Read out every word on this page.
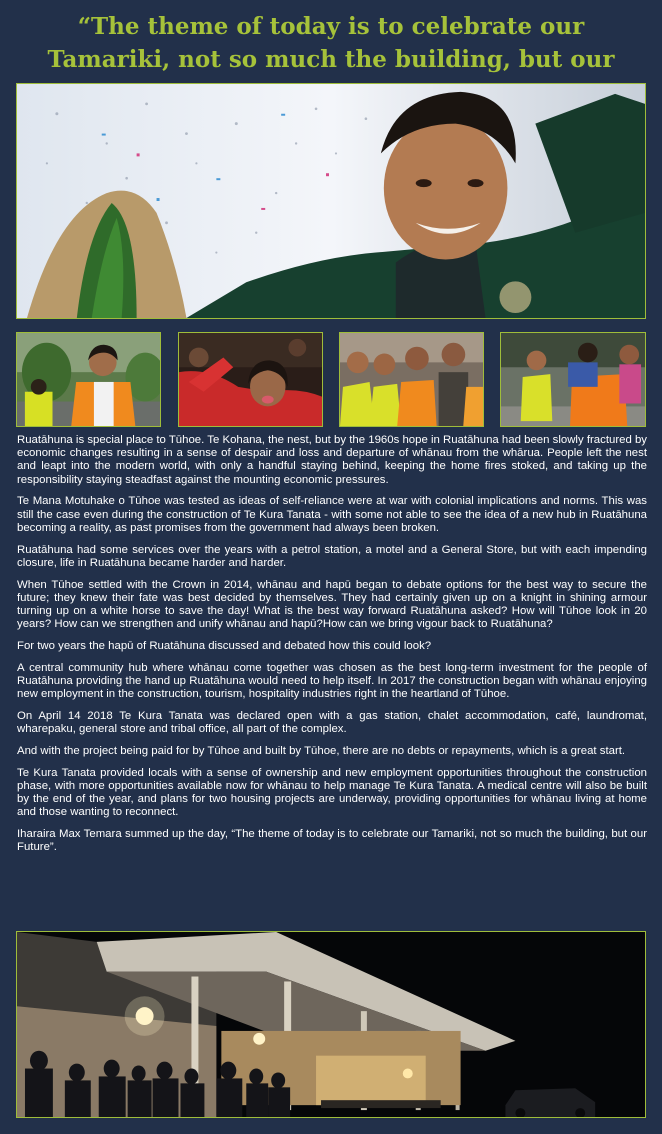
“The theme of today is to celebrate our
Tamariki, not so much the building, but our

Ruatāhuna is special place to Tūhoe. Te Kohana, the nest, but by the 1960s hope in Ruatāhuna had been slowly fractured by economic changes resulting in a sense of despair and loss and departure of whānau from the whārua. People left the nest and leapt into the modern world, with only a handful staying behind, keeping the home fires stoked, and taking up the responsibility staying steadfast against the mounting economic pressures.

Te Mana Motuhake o Tūhoe was tested as ideas of self-reliance were at war with colonial implications and norms. This was still the case even during the construction of Te Kura Tanata - with some not able to see the idea of a new hub in Ruatāhuna becoming a reality, as past promises from the government had always been broken.

Ruatāhuna had some services over the years with a petrol station, a motel and a General Store, but with each impending closure, life in Ruatāhuna became harder and harder.

When Tūhoe settled with the Crown in 2014, whānau and hapū began to debate options for the best way to secure the future; they knew their fate was best decided by themselves. They had certainly given up on a knight in shining armour turning up on a white horse to save the day! What is the best way forward Ruatāhuna asked? How will Tūhoe look in 20 years? How can we strengthen and unify whānau and hapū?How can we bring vigour back to Ruatāhuna?

For two years the hapū of Ruatāhuna discussed and debated how this could look?

A central community hub where whānau come together was chosen as the best long-term investment for the people of Ruatāhuna providing the hand up Ruatāhuna would need to help itself. In 2017 the construction began with whānau enjoying new employment in the construction, tourism, hospitality industries right in the heartland of Tūhoe.

On April 14 2018 Te Kura Tanata was declared open with a gas station, chalet accommodation, café, laundromat, wharepaku, general store and tribal office, all part of the complex.

And with the project being paid for by Tūhoe and built by Tūhoe, there are no debts or repayments, which is a great start.

Te Kura Tanata provided locals with a sense of ownership and new employment opportunities throughout the construction phase, with more opportunities available now for whānau to help manage Te Kura Tanata. A medical centre will also be built by the end of the year, and plans for two housing projects are underway, providing opportunities for whānau living at home and those wanting to reconnect.

Iharaira Max Temara summed up the day, “The theme of today is to celebrate our Tamariki, not so much the building, but our Future”.
